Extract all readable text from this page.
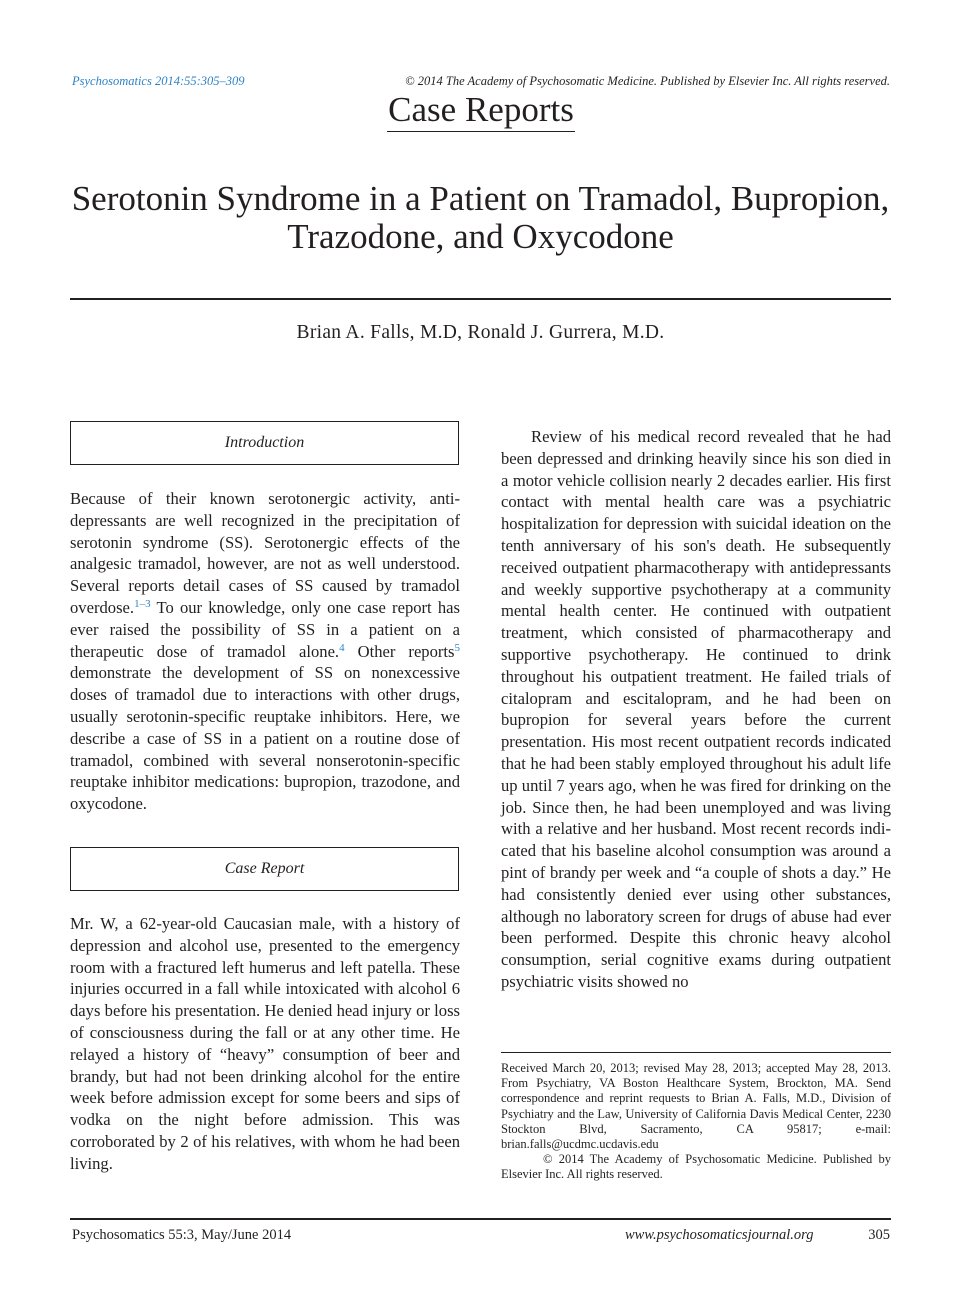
Psychosomatics 2014:55:305–309	© 2014 The Academy of Psychosomatic Medicine. Published by Elsevier Inc. All rights reserved.
Case Reports
Serotonin Syndrome in a Patient on Tramadol, Bupropion, Trazodone, and Oxycodone
Brian A. Falls, M.D, Ronald J. Gurrera, M.D.
Introduction
Because of their known serotonergic activity, antidepressants are well recognized in the precipitation of serotonin syndrome (SS). Serotonergic effects of the analgesic tramadol, however, are not as well understood. Several reports detail cases of SS caused by tramadol overdose.$^{1-3}$ To our knowledge, only one case report has ever raised the possibility of SS in a patient on a therapeutic dose of tramadol alone.$^4$ Other reports$^5$ demonstrate the development of SS on nonexcessive doses of tramadol due to interactions with other drugs, usually serotonin-specific reuptake inhibitors. Here, we describe a case of SS in a patient on a routine dose of tramadol, combined with several nonserotonin-specific reuptake inhibitor medications: bupropion, trazodone, and oxycodone.
Case Report
Mr. W, a 62-year-old Caucasian male, with a history of depression and alcohol use, presented to the emergency room with a fractured left humerus and left patella. These injuries occurred in a fall while intoxicated with alcohol 6 days before his presentation. He denied head injury or loss of consciousness during the fall or at any other time. He relayed a history of “heavy” consumption of beer and brandy, but had not been drinking alcohol for the entire week before admission except for some beers and sips of vodka on the night before admission. This was corroborated by 2 of his relatives, with whom he had been living.
Review of his medical record revealed that he had been depressed and drinking heavily since his son died in a motor vehicle collision nearly 2 decades earlier. His first contact with mental health care was a psychiatric hospitalization for depression with suicidal ideation on the tenth anniversary of his son's death. He subsequently received outpatient pharmacotherapy with antidepressants and weekly supportive psychotherapy at a community mental health center. He continued with outpatient treatment, which consisted of pharmacotherapy and supportive psychotherapy. He continued to drink throughout his outpatient treatment. He failed trials of citalopram and escitalopram, and he had been on bupropion for several years before the current presentation. His most recent outpatient records indicated that he had been stably employed throughout his adult life up until 7 years ago, when he was fired for drinking on the job. Since then, he had been unemployed and was living with a relative and her husband. Most recent records indicated that his baseline alcohol consumption was around a pint of brandy per week and “a couple of shots a day.” He had consistently denied ever using other substances, although no laboratory screen for drugs of abuse had ever been performed. Despite this chronic heavy alcohol consumption, serial cognitive exams during outpatient psychiatric visits showed no
Received March 20, 2013; revised May 28, 2013; accepted May 28, 2013. From Psychiatry, VA Boston Healthcare System, Brockton, MA. Send correspondence and reprint requests to Brian A. Falls, M.D., Division of Psychiatry and the Law, University of California Davis Medical Center, 2230 Stockton Blvd, Sacramento, CA 95817; e-mail: brian.falls@ucdmc.ucdavis.edu
© 2014 The Academy of Psychosomatic Medicine. Published by Elsevier Inc. All rights reserved.
Psychosomatics 55:3, May/June 2014	www.psychosomaticsjournal.org	305
